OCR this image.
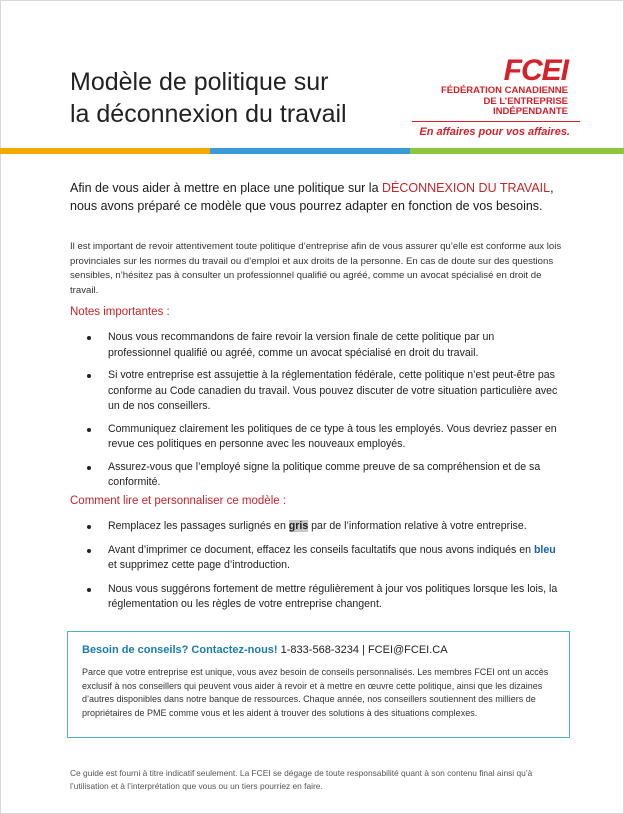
Modèle de politique sur
la déconnexion du travail
FCEI
FÉDÉRATION CANADIENNE
DE L’ENTREPRISE INDÉPENDANTE
En affaires pour vos affaires.

Afin de vous aider à mettre en place une politique sur la DÉCONNEXION DU TRAVAIL, nous avons préparé ce modèle que vous pourrez adapter en fonction de vos besoins.

Il est important de revoir attentivement toute politique d’entreprise afin de vous assurer qu’elle est conforme aux lois provinciales sur les normes du travail ou d’emploi et aux droits de la personne. En cas de doute sur des questions sensibles, n’hésitez pas à consulter un professionnel qualifié ou agréé, comme un avocat spécialisé en droit de travail.

Notes importantes :
Nous vous recommandons de faire revoir la version finale de cette politique par un professionnel qualifié ou agréé, comme un avocat spécialisé en droit du travail.
Si votre entreprise est assujettie à la réglementation fédérale, cette politique n’est peut-être pas conforme au Code canadien du travail. Vous pouvez discuter de votre situation particulière avec un de nos conseillers.
Communiquez clairement les politiques de ce type à tous les employés. Vous devriez passer en revue ces politiques en personne avec les nouveaux employés.
Assurez-vous que l’employé signe la politique comme preuve de sa compréhension et de sa conformité.
Comment lire et personnaliser ce modèle :
Remplacez les passages surlignés en gris par de l’information relative à votre entreprise.
Avant d’imprimer ce document, effacez les conseils facultatifs que nous avons indiqués en bleu et supprimez cette page d’introduction.
Nous vous suggérons fortement de mettre régulièrement à jour vos politiques lorsque les lois, la réglementation ou les règles de votre entreprise changent.
Besoin de conseils? Contactez-nous! 1-833-568-3234 | FCEI@FCEI.CA

Parce que votre entreprise est unique, vous avez besoin de conseils personnalisés. Les membres FCEI ont un accès exclusif à nos conseillers qui peuvent vous aider à revoir et à mettre en œuvre cette politique, ainsi que les dizaines d’autres disponibles dans notre banque de ressources. Chaque année, nos conseillers soutiennent des milliers de propriétaires de PME comme vous et les aident à trouver des solutions à des situations complexes.

Ce guide est fourni à titre indicatif seulement. La FCEI se dégage de toute responsabilité quant à son contenu final ainsi qu’à l’utilisation et à l’interprétation que vous ou un tiers pourriez en faire.
